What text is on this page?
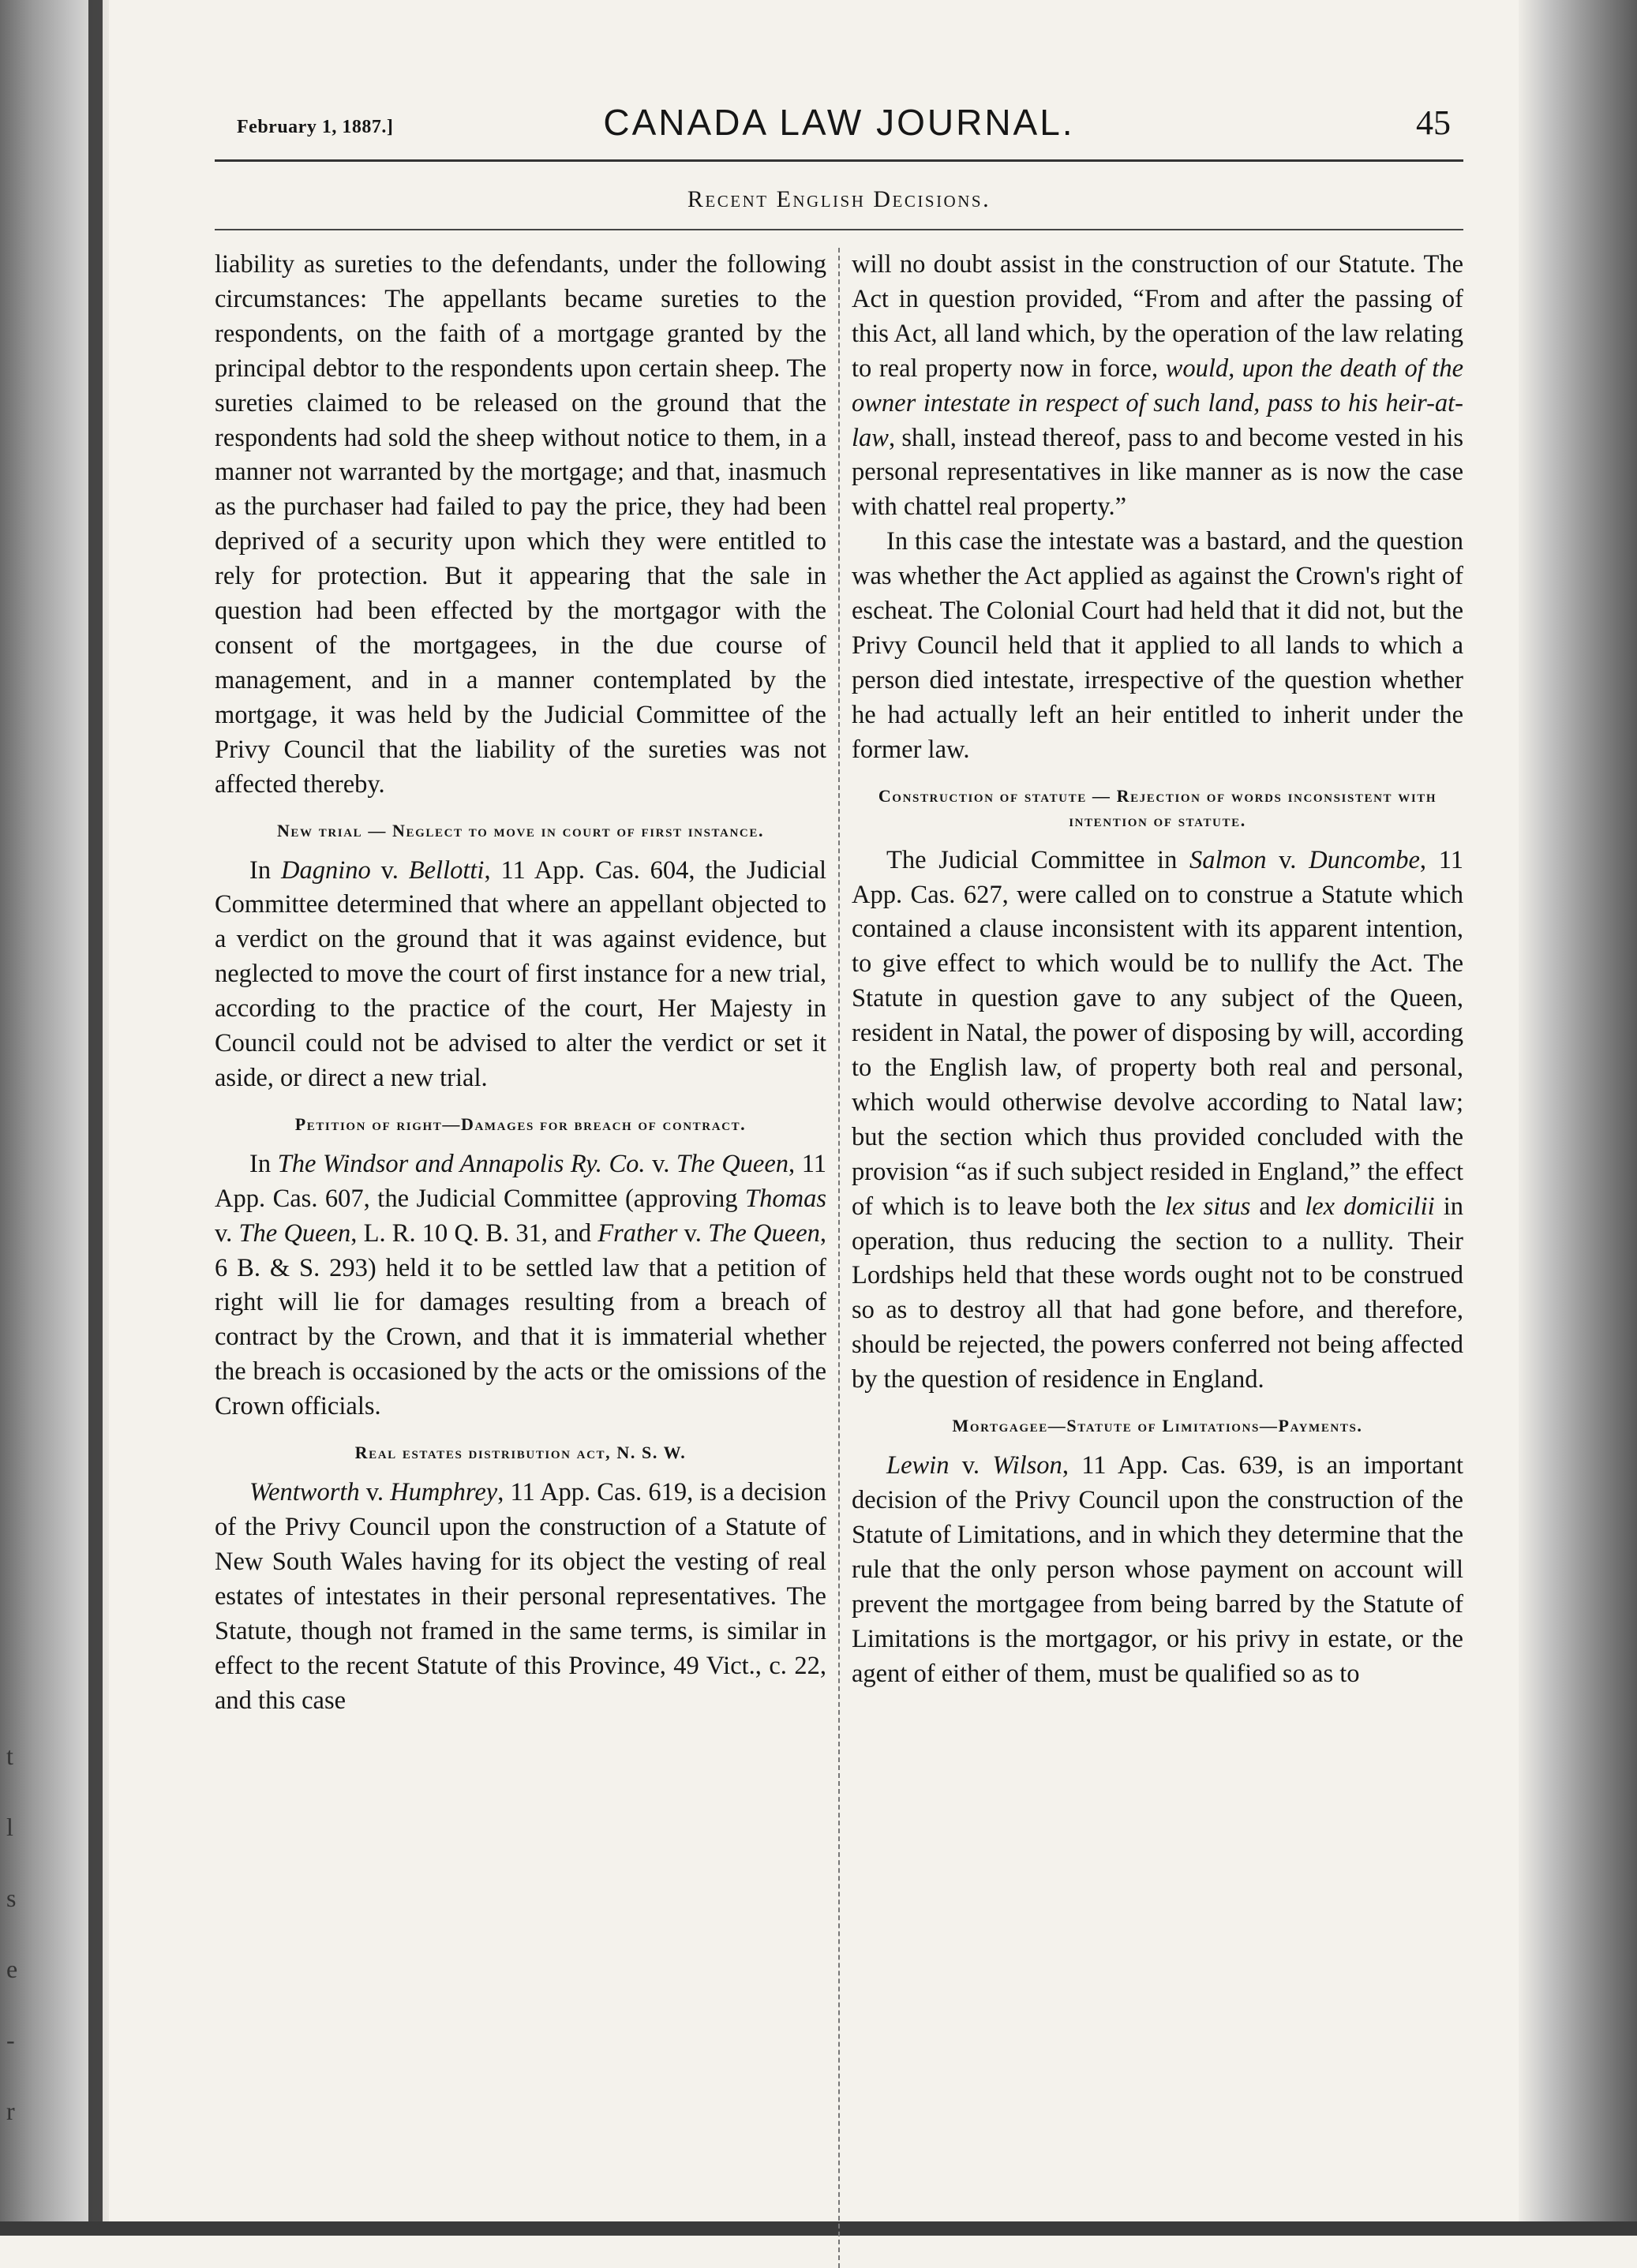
t
l
s
e
-
r
February 1, 1887.]	CANADA LAW JOURNAL.	45
Recent English Decisions.

liability as sureties to the defendants, under the following circumstances: The appellants became sureties to the respondents, on the faith of a mortgage granted by the principal debtor to the respondents upon certain sheep. The sureties claimed to be released on the ground that the respondents had sold the sheep without notice to them, in a manner not warranted by the mortgage; and that, inasmuch as the purchaser had failed to pay the price, they had been deprived of a security upon which they were entitled to rely for protection. But it appearing that the sale in question had been effected by the mortgagor with the consent of the mortgagees, in the due course of management, and in a manner contemplated by the mortgage, it was held by the Judicial Committee of the Privy Council that the liability of the sureties was not affected thereby.

New trial — Neglect to move in court of first instance.

In Dagnino v. Bellotti, 11 App. Cas. 604, the Judicial Committee determined that where an appellant objected to a verdict on the ground that it was against evidence, but neglected to move the court of first instance for a new trial, according to the practice of the court, Her Majesty in Council could not be advised to alter the verdict or set it aside, or direct a new trial.

Petition of right—Damages for breach of contract.

In The Windsor and Annapolis Ry. Co. v. The Queen, 11 App. Cas. 607, the Judicial Committee (approving Thomas v. The Queen, L. R. 10 Q. B. 31, and Frather v. The Queen, 6 B. & S. 293) held it to be settled law that a petition of right will lie for damages resulting from a breach of contract by the Crown, and that it is immaterial whether the breach is occasioned by the acts or the omissions of the Crown officials.

Real estates distribution act, N. S. W.

Wentworth v. Humphrey, 11 App. Cas. 619, is a decision of the Privy Council upon the construction of a Statute of New South Wales having for its object the vesting of real estates of intestates in their personal representatives. The Statute, though not framed in the same terms, is similar in effect to the recent Statute of this Province, 49 Vict., c. 22, and this case

will no doubt assist in the construction of our Statute. The Act in question provided, “From and after the passing of this Act, all land which, by the operation of the law relating to real property now in force, would, upon the death of the owner intestate in respect of such land, pass to his heir-at-law, shall, instead thereof, pass to and become vested in his personal representatives in like manner as is now the case with chattel real property.”

In this case the intestate was a bastard, and the question was whether the Act applied as against the Crown's right of escheat. The Colonial Court had held that it did not, but the Privy Council held that it applied to all lands to which a person died intestate, irrespective of the question whether he had actually left an heir entitled to inherit under the former law.

Construction of statute — Rejection of words inconsistent with intention of statute.

The Judicial Committee in Salmon v. Duncombe, 11 App. Cas. 627, were called on to construe a Statute which contained a clause inconsistent with its apparent intention, to give effect to which would be to nullify the Act. The Statute in question gave to any subject of the Queen, resident in Natal, the power of disposing by will, according to the English law, of property both real and personal, which would otherwise devolve according to Natal law; but the section which thus provided concluded with the provision “as if such subject resided in England,” the effect of which is to leave both the lex situs and lex domicilii in operation, thus reducing the section to a nullity. Their Lordships held that these words ought not to be construed so as to destroy all that had gone before, and therefore, should be rejected, the powers conferred not being affected by the question of residence in England.

Mortgagee—Statute of Limitations—Payments.

Lewin v. Wilson, 11 App. Cas. 639, is an important decision of the Privy Council upon the construction of the Statute of Limitations, and in which they determine that the rule that the only person whose payment on account will prevent the mortgagee from being barred by the Statute of Limitations is the mortgagor, or his privy in estate, or the agent of either of them, must be qualified so as to
